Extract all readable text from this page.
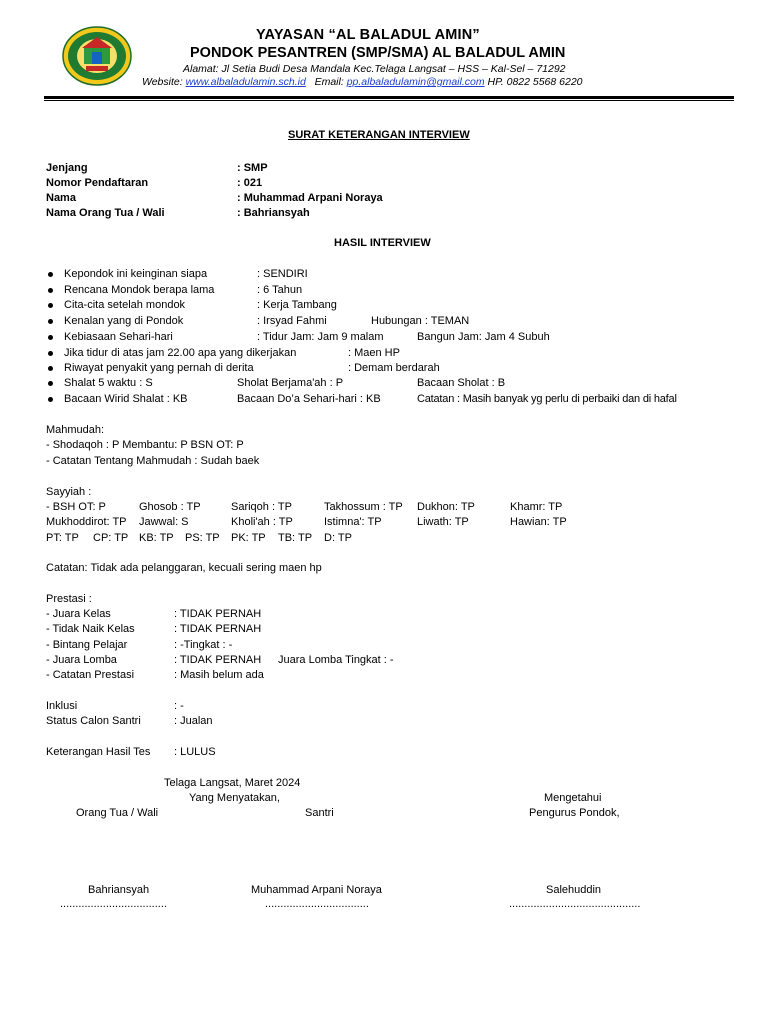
YAYASAN “AL BALADUL AMIN”
PONDOK PESANTREN (SMP/SMA) AL BALADUL AMIN
Alamat: Jl Setia Budi Desa Mandala Kec.Telaga Langsat – HSS – Kal-Sel – 71292
Website: www.albaladulamin.sch.id Email: pp.albaladulamin@gmail.com HP. 0822 5568 6220
SURAT KETERANGAN INTERVIEW
Jenjang	: SMP
Nomor Pendaftaran	: 021
Nama	: Muhammad Arpani Noraya
Nama Orang Tua / Wali	: Bahriansyah
HASIL INTERVIEW
Kepondok ini keinginan siapa	: SENDIRI
Rencana Mondok berapa lama	: 6 Tahun
Cita-cita setelah mondok	: Kerja Tambang
Kenalan yang di Pondok	: Irsyad Fahmi	Hubungan : TEMAN
Kebiasaan Sehari-hari	: Tidur Jam: Jam 9 malam	Bangun Jam: Jam 4 Subuh
Jika tidur di atas jam 22.00 apa yang dikerjakan	: Maen HP
Riwayat penyakit yang pernah di derita	: Demam berdarah
Shalat 5 waktu : S	Sholat Berjama'ah : P	Bacaan Sholat : B
Bacaan Wirid Shalat : KB	Bacaan Do’a Sehari-hari : KB	Catatan : Masih banyak yg perlu di perbaiki dan di hafal
Mahmudah:
- Shodaqoh : P Membantu: P BSN OT: P
- Catatan Tentang Mahmudah : Sudah baek
Sayyiah :
- BSH OT: P	Ghosob : TP	Sariqoh : TP	Takhossum : TP Dukhon: TP	Khamr: TP
Mukhoddirot: TP Jawwal: S	Kholi'ah : TP	Istimna': TP	Liwath: TP	Hawian: TP
PT: TP CP: TP KB: TP PS: TP PK: TP TB: TP D: TP
Catatan: Tidak ada pelanggaran, kecuali sering maen hp
Prestasi :
- Juara Kelas	: TIDAK PERNAH
- Tidak Naik Kelas	: TIDAK PERNAH
- Bintang Pelajar	: -Tingkat : -
- Juara Lomba	: TIDAK PERNAH Juara Lomba Tingkat : -
- Catatan Prestasi	: Masih belum ada
Inklusi	: -
Status Calon Santri	: Jualan
Keterangan Hasil Tes : LULUS
Telaga Langsat, Maret 2024
Yang Menyatakan,	Mengetahui
Orang Tua / Wali	Santri	Pengurus Pondok,
Bahriansyah	Muhammad Arpani Noraya	Salehuddin
...................................	..................................	...........................................
